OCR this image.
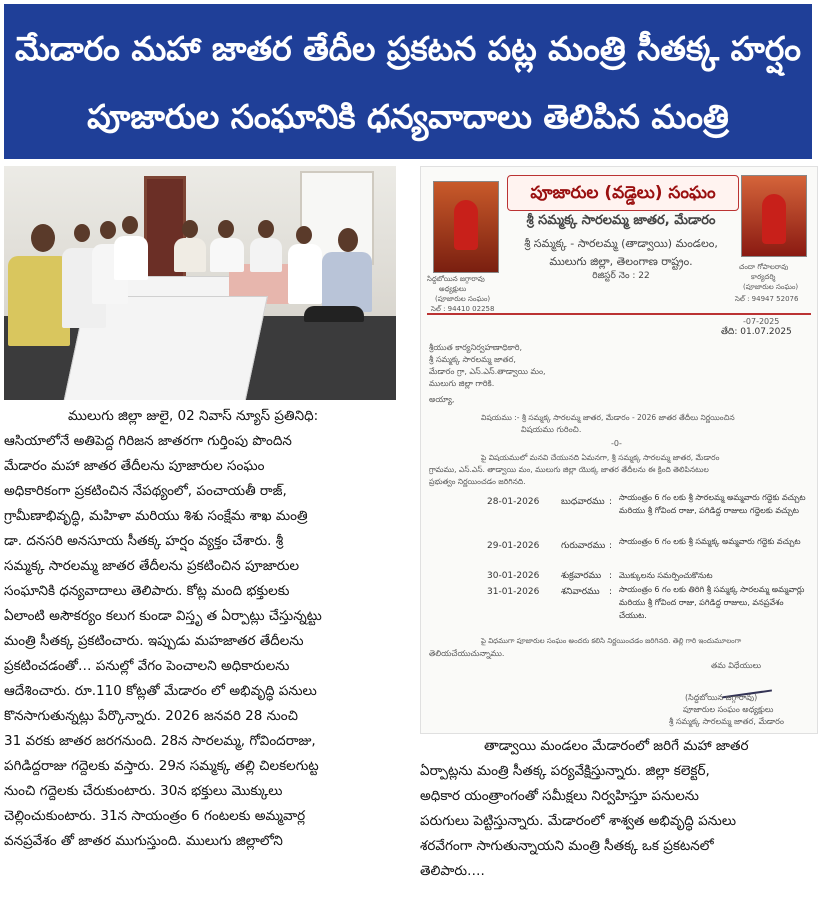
మేడారం మహా జాతర తేదీల ప్రకటన పట్ల మంత్రి సీతక్క హర్షం
పూజారుల సంఘానికి ధన్యవాదాలు తెలిపిన మంత్రి
పూజారుల (వడ్డెలు) సంఘం
శ్రీ సమ్మక్క సారలమ్మ జాతర, మేడారం
శ్రీ సమ్మక్క - సారలమ్మ (తాడ్వాయి) మండలం,
ములుగు జిల్లా, తెలంగాణ రాష్ట్రం.
రిజిస్టర్ నెం : 22
సిద్దబోయిన జగ్గారావు
అధ్యక్షులు
(పూజారుల సంఘం)
సెల్ : 94410 02258
చందా గోపాలరావు
కార్యదర్శి
(పూజారుల సంఘం)
సెల్ : 94947 52076
-07-2025
తేది: 01.07.2025
శ్రీయుత కార్యనిర్వహణాధికారి,
శ్రీ సమ్మక్క సారలమ్మ జాతర,
మేడారం గ్రా, ఎస్.ఎస్.తాడ్వాయి మం,
ములుగు జిల్లా గారికి.
అయ్యా,
విషయము :- శ్రీ సమ్మక్క సారలమ్మ జాతర, మేడారం - 2026 జాతర తేదీలు నిర్ణయించిన
విషయము గురించి.
-0-
పై విషయములో మనవి చేయునది ఏమనగా, శ్రీ సమ్మక్క సారలమ్మ జాతర, మేడారం
గ్రామము, ఎస్.ఎస్. తాడ్వాయి మం, ములుగు జిల్లా యొక్క జాతర తేదీలను ఈ క్రింది తెలిపినటుల
ప్రభుత్వం నిర్ణయించడం జరిగినది.
28-01-2026 బుధవారము : సాయంత్రం 6 గం లకు శ్రీ సారలమ్మ అమ్మవారు గద్దెకు వచ్చుట మరియు శ్రీ గోవింద రాజు, పగిడిద్ద రాజులు గద్దెలకు వచ్చుట
29-01-2026 గురువారము : సాయంత్రం 6 గం లకు శ్రీ సమ్మక్క అమ్మవారు గద్దెకు వచ్చుట
30-01-2026 శుక్రవారము : మొక్కులను సమర్పించుకొనుట
31-01-2026 శనివారము : సాయంత్రం 6 గం లకు తిరిగి శ్రీ సమ్మక్క సారలమ్మ అమ్మవార్లు మరియు శ్రీ గోవింద రాజు, పగిడిద్ద రాజులు, వనప్రవేశం చేయుట.
పై విధముగా పూజారుల సంఘం అందరు కలిసి నిర్ణయించడం జరిగినది. తెల్లి గారి ఇందుమూలంగా
తెలియచేయుచున్నాము.
తమ విధేయులు
(సిద్దబోయిన జగ్గారావు)
పూజారుల సంఘం అధ్యక్షులు
శ్రీ సమ్మక్క సారలమ్మ జాతర, మేడారం
ములుగు జిల్లా జులై, 02 నివాస్ న్యూస్ ప్రతినిధి:
ఆసియాలోనే అతిపెద్ద గిరిజన జాతరగా గుర్తింపు పొందిన
మేడారం మహా జాతర తేదీలను పూజారుల సంఘం
అధికారికంగా ప్రకటించిన నేపథ్యంలో, పంచాయతీ రాజ్,
గ్రామీణాభివృద్ధి, మహిళా మరియు శిశు సంక్షేమ శాఖ మంత్రి
డా. దనసరి అనసూయ సీతక్క హర్షం వ్యక్తం చేశారు. శ్రీ
సమ్మక్క సారలమ్మ జాతర తేదీలను ప్రకటించిన పూజారుల
సంఘానికి ధన్యవాదాలు తెలిపారు. కోట్ల మంది భక్తులకు
ఏలాంటి అసౌకర్యం కలుగ కుండా విస్తృ త ఏర్పాట్లు చేస్తున్నట్టు
మంత్రి సీతక్క ప్రకటించారు. ఇప్పుడు మహజాతర తేదీలను
ప్రకటించడంతో… పనుల్లో వేగం పెంచాలని అధికారులను
ఆదేశించారు. రూ.110 కోట్లతో మేడారం లో అభివృద్ధి పనులు
కొనసాగుతున్నట్లు పేర్కొన్నారు. 2026 జనవరి 28 నుంచి
31 వరకు జాతర జరగనుంది. 28న సారలమ్మ, గోవిందరాజు,
పగిడిద్దరాజు గద్దెలకు వస్తారు. 29న సమ్మక్క తల్లి చిలకలగుట్ట
నుంచి గద్దెలకు చేరుకుంటారు. 30న భక్తులు మొక్కులు
చెల్లించుకుంటారు. 31న సాయంత్రం 6 గంటలకు అమ్మవార్ల
వనప్రవేశం తో జాతర ముగుస్తుంది. ములుగు జిల్లాలోని
తాడ్వాయి మండలం మేడారంలో జరిగే మహా జాతర
ఏర్పాట్లను మంత్రి సీతక్క పర్యవేక్షిస్తున్నారు. జిల్లా కలెక్టర్,
అధికార యంత్రాంగంతో సమీక్షలు నిర్వహిస్తూ పనులను
పరుగులు పెట్టిస్తున్నారు. మేడారంలో శాశ్వత అభివృద్ధి పనులు
శరవేగంగా సాగుతున్నాయని మంత్రి సీతక్క ఒక ప్రకటనలో
తెలిపారు….
